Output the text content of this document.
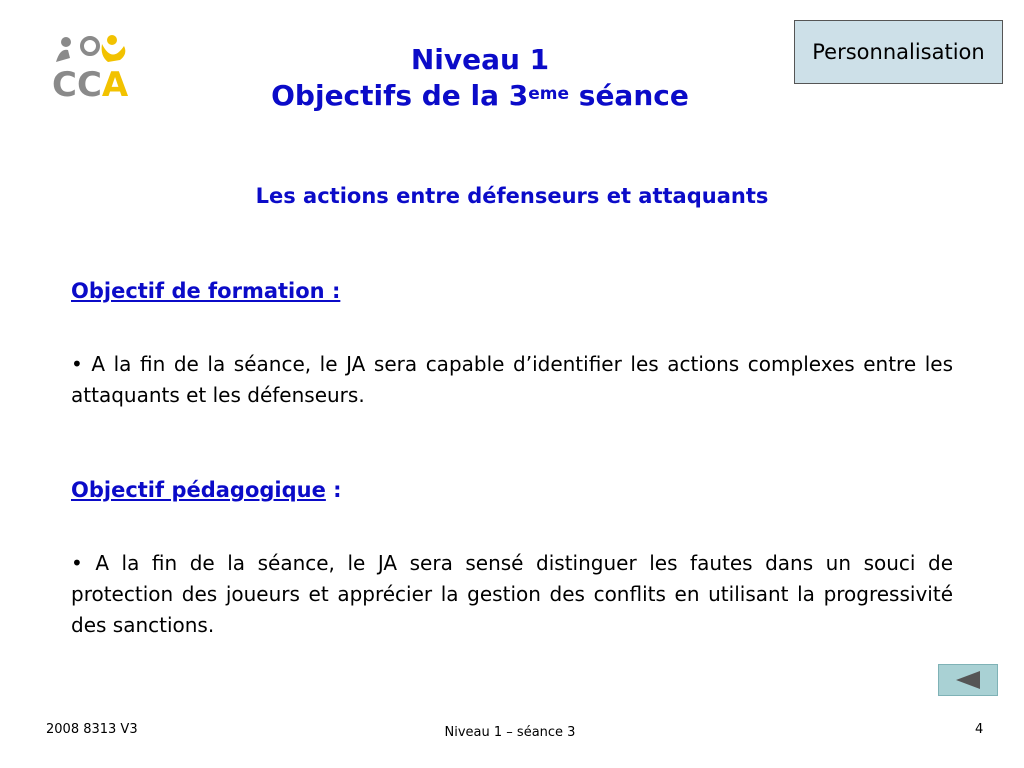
CCA
Niveau 1
Objectifs de la 3eme séance
Personnalisation
Les actions entre défenseurs et attaquants
Objectif de formation :
• A la fin de la séance, le JA sera capable d’identifier les actions complexes entre les attaquants et les défenseurs.
Objectif pédagogique :
• A la fin de la séance, le JA sera sensé distinguer les fautes dans un souci de protection des joueurs et apprécier la gestion des conflits en utilisant la progressivité des sanctions.
2008 8313 V3	Niveau 1 – séance 3	4
